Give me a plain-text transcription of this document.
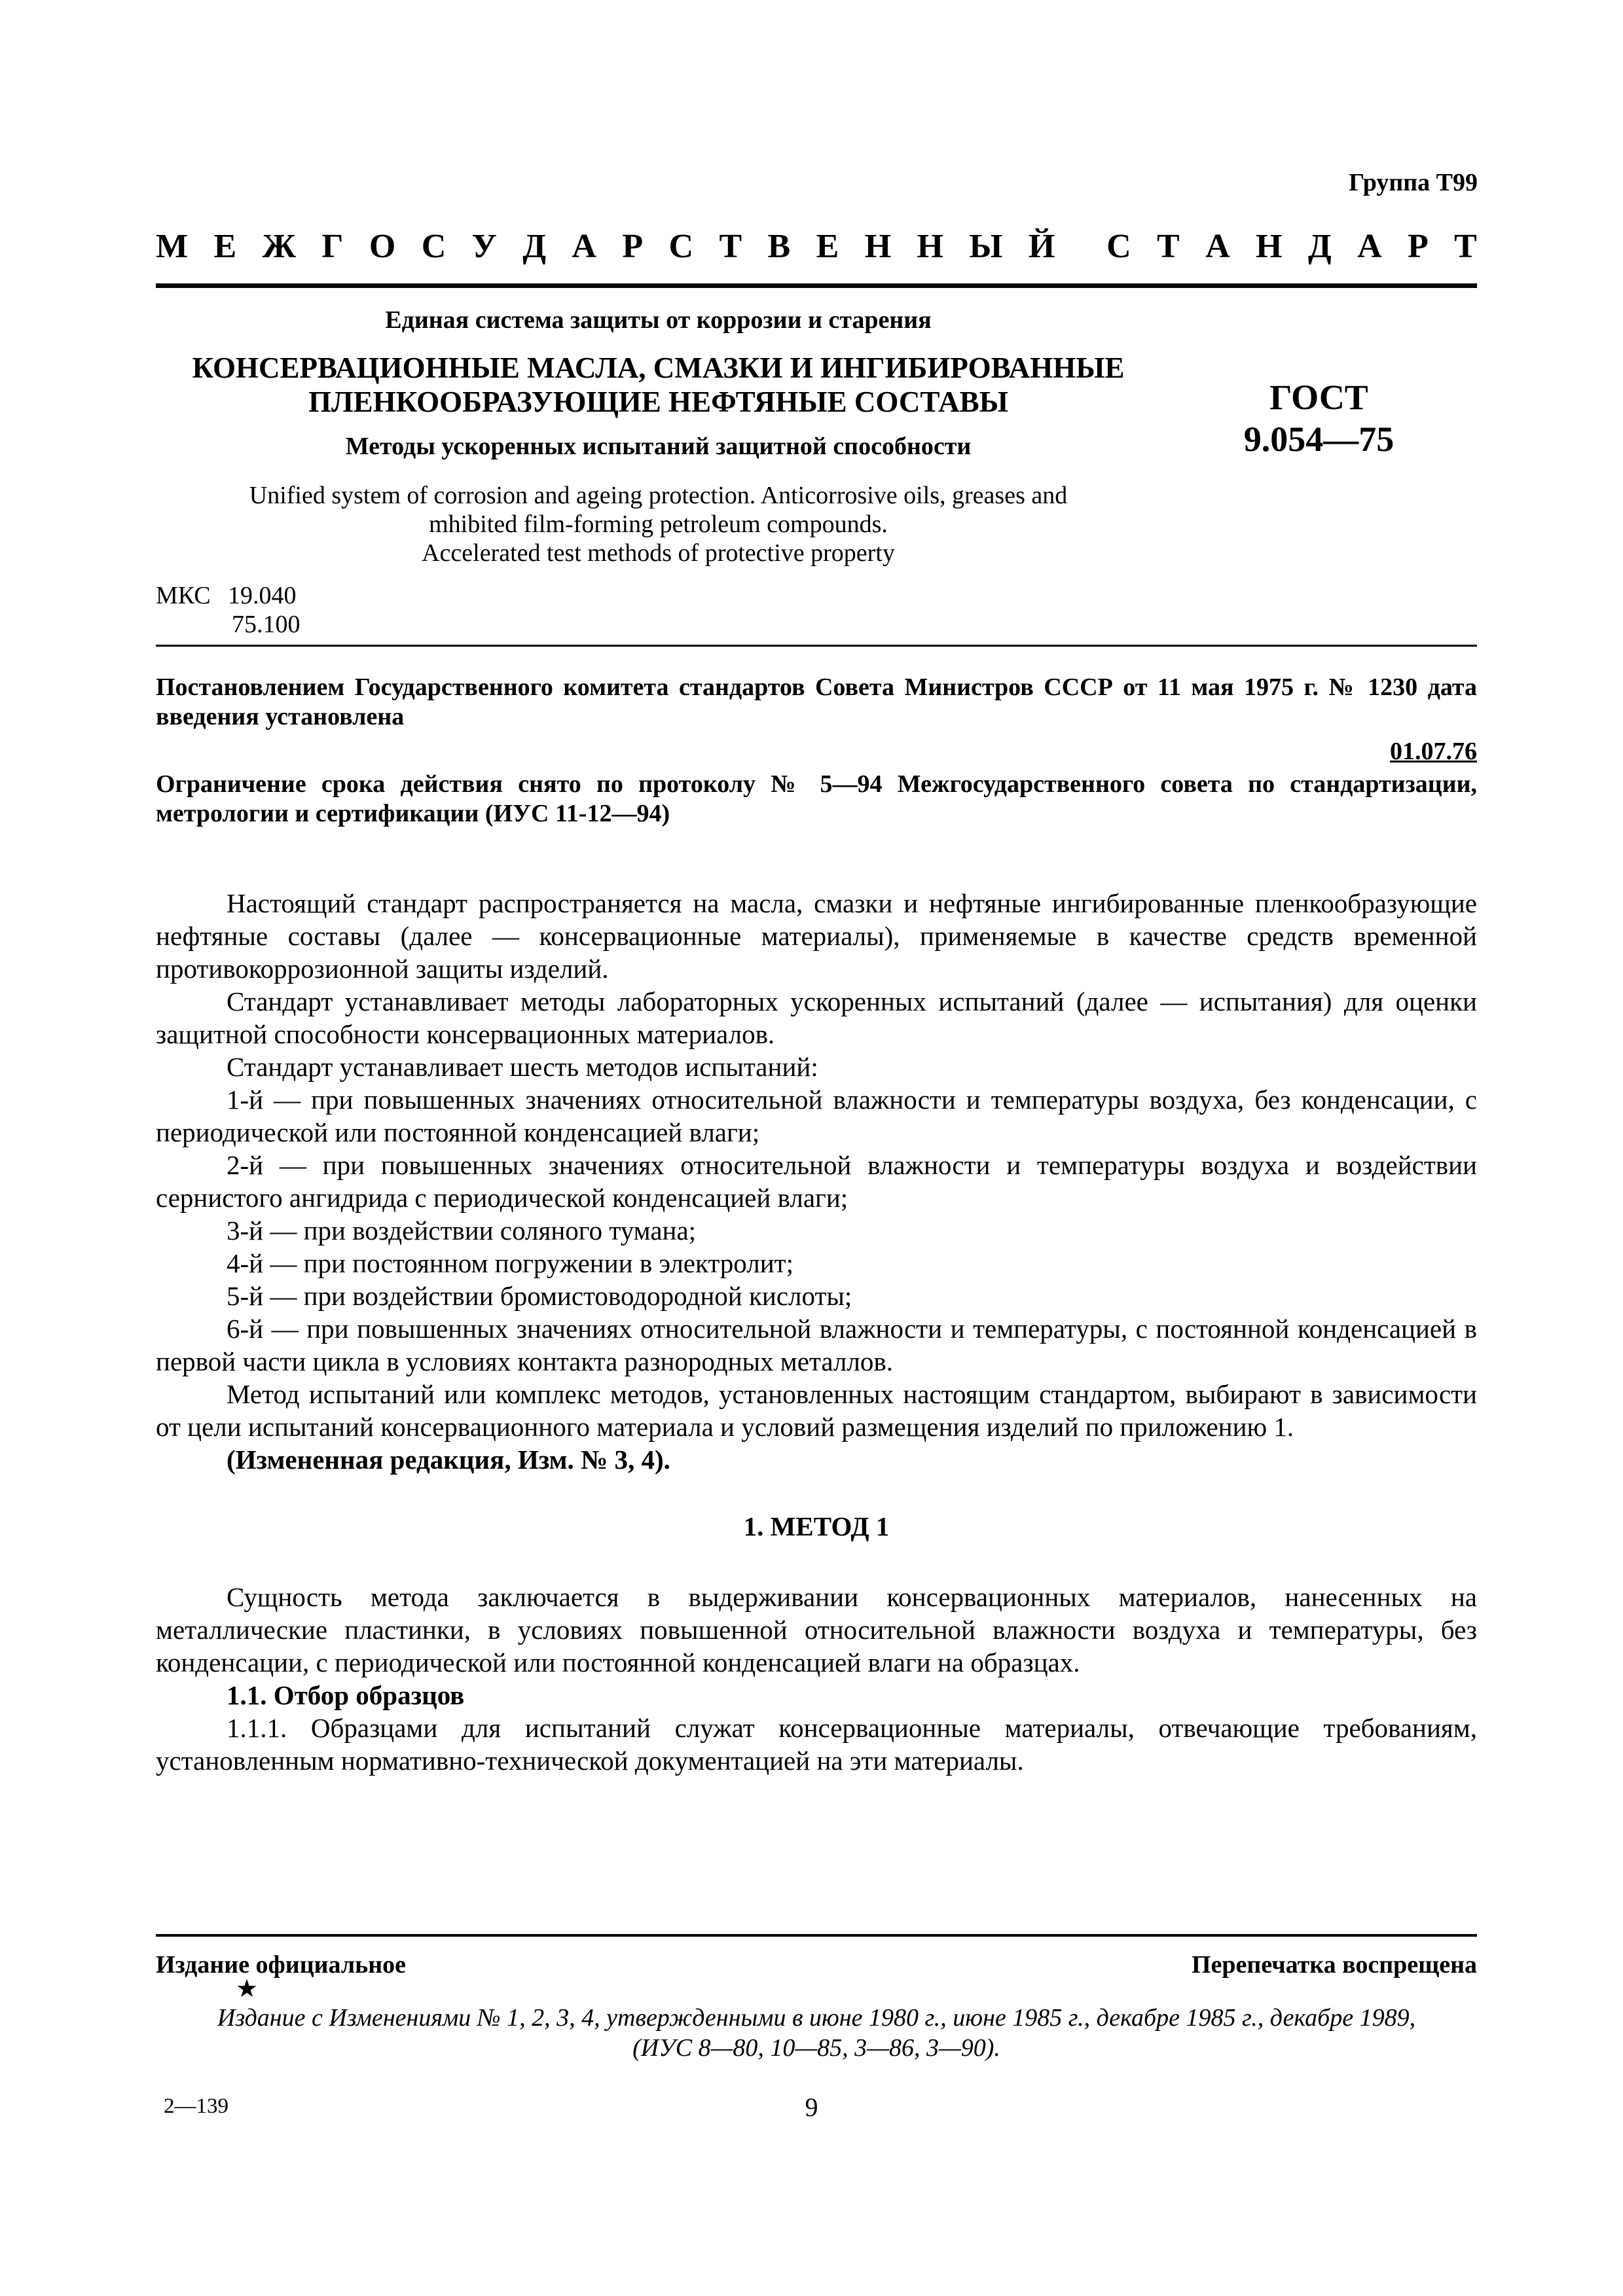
Группа Т99
М Е Ж Г О С У Д А Р С Т В Е Н Н Ы Й С Т А Н Д А Р Т
Единая система защиты от коррозии и старения
КОНСЕРВАЦИОННЫЕ МАСЛА, СМАЗКИ И ИНГИБИРОВАННЫЕ
ПЛЕНКООБРАЗУЮЩИЕ НЕФТЯНЫЕ СОСТАВЫ
Методы ускоренных испытаний защитной способности
ГОСТ
9.054—75
Unified system of corrosion and ageing protection. Anticorrosive oils, greases and
mhibited film-forming petroleum compounds.
Accelerated test methods of protective property
МКС 19.040
75.100
Постановлением Государственного комитета стандартов Совета Министров СССР от 11 мая 1975 г. № 1230 дата введения установлена
01.07.76
Ограничение срока действия снято по протоколу № 5—94 Межгосударственного совета по стандартизации, метрологии и сертификации (ИУС 11-12—94)

Настоящий стандарт распространяется на масла, смазки и нефтяные ингибированные пленкообразующие нефтяные составы (далее — консервационные материалы), применяемые в качестве средств временной противокоррозионной защиты изделий.

Стандарт устанавливает методы лабораторных ускоренных испытаний (далее — испытания) для оценки защитной способности консервационных материалов.

Стандарт устанавливает шесть методов испытаний:

1-й — при повышенных значениях относительной влажности и температуры воздуха, без конденсации, с периодической или постоянной конденсацией влаги;

2-й — при повышенных значениях относительной влажности и температуры воздуха и воздействии сернистого ангидрида с периодической конденсацией влаги;

3-й — при воздействии соляного тумана;

4-й — при постоянном погружении в электролит;

5-й — при воздействии бромистоводородной кислоты;

6-й — при повышенных значениях относительной влажности и температуры, с постоянной конденсацией в первой части цикла в условиях контакта разнородных металлов.

Метод испытаний или комплекс методов, установленных настоящим стандартом, выбирают в зависимости от цели испытаний консервационного материала и условий размещения изделий по приложению 1.

(Измененная редакция, Изм. № 3, 4).

1. МЕТОД 1

Сущность метода заключается в выдерживании консервационных материалов, нанесенных на металлические пластинки, в условиях повышенной относительной влажности воздуха и температуры, без конденсации, с периодической или постоянной конденсацией влаги на образцах.

1.1. Отбор образцов

1.1.1. Образцами для испытаний служат консервационные материалы, отвечающие требованиям, установленным нормативно-технической документацией на эти материалы.

Издание официальное	Перепечатка воспрещена
★
Издание с Изменениями № 1, 2, 3, 4, утвержденными в июне 1980 г., июне 1985 г., декабре 1985 г., декабре 1989,
(ИУС 8—80, 10—85, 3—86, 3—90).
2—139	9
